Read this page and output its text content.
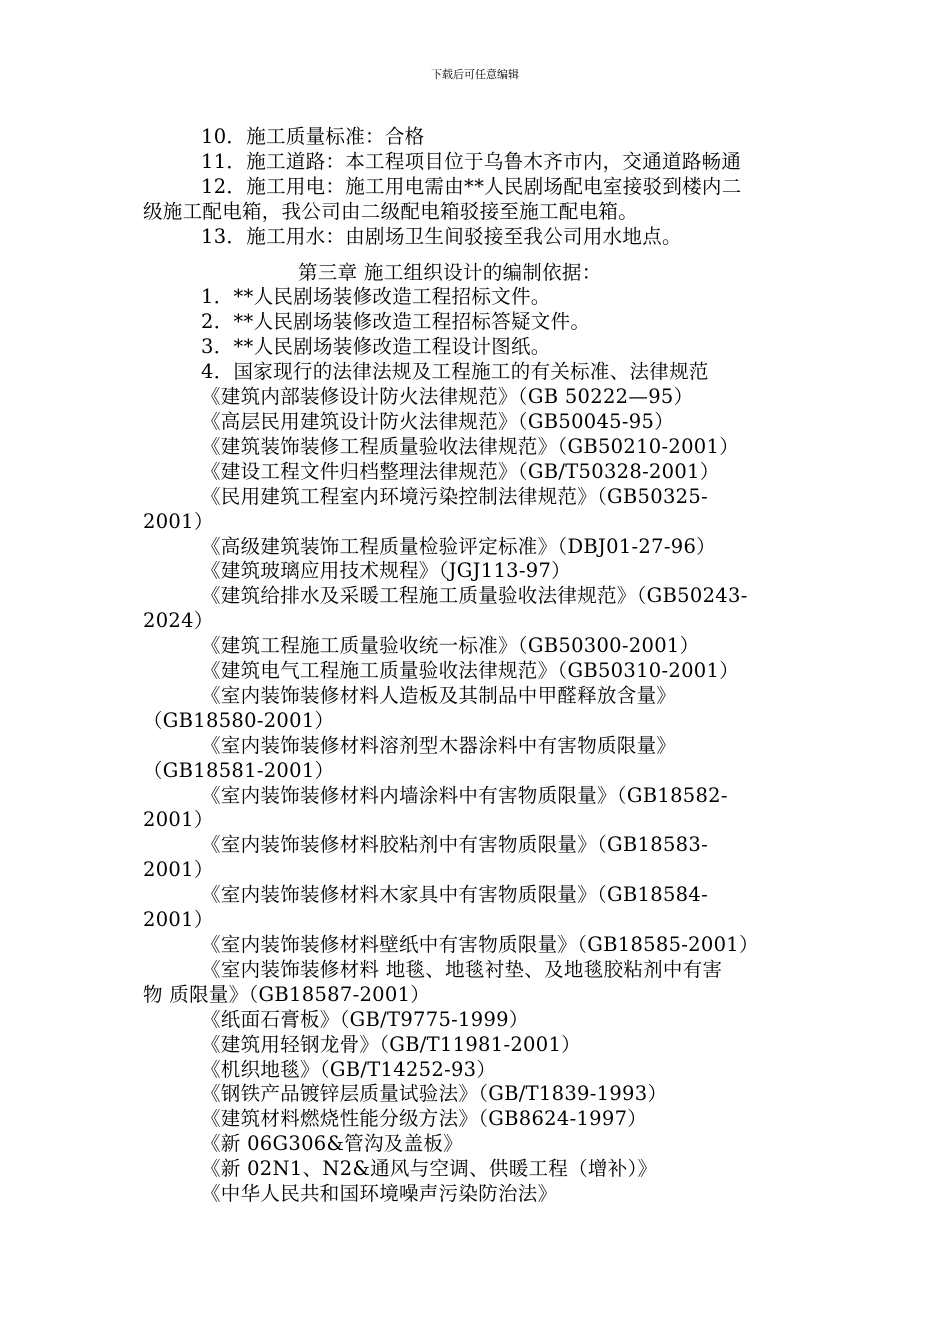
下载后可任意编辑
10．施工质量标准：合格
11．施工道路：本工程项目位于乌鲁木齐市内，交通道路畅通
12．施工用电：施工用电需由**人民剧场配电室接驳到楼内二
级施工配电箱，我公司由二级配电箱驳接至施工配电箱。
13．施工用水：由剧场卫生间驳接至我公司用水地点。
第三章 施工组织设计的编制依据：
1．**人民剧场装修改造工程招标文件。
2．**人民剧场装修改造工程招标答疑文件。
3．**人民剧场装修改造工程设计图纸。
4．国家现行的法律法规及工程施工的有关标准、法律规范
《建筑内部装修设计防火法律规范》（GB 50222—95）
《高层民用建筑设计防火法律规范》（GB50045-95）
《建筑装饰装修工程质量验收法律规范》（GB50210-2001）
《建设工程文件归档整理法律规范》（GB/T50328-2001）
《民用建筑工程室内环境污染控制法律规范》（GB50325-
2001）
《高级建筑装饰工程质量检验评定标准》（DBJ01-27-96）
《建筑玻璃应用技术规程》（JGJ113-97）
《建筑给排水及采暖工程施工质量验收法律规范》（GB50243-
2024）
《建筑工程施工质量验收统一标准》（GB50300-2001）
《建筑电气工程施工质量验收法律规范》（GB50310-2001）
《室内装饰装修材料人造板及其制品中甲醛释放含量》
（GB18580-2001）
《室内装饰装修材料溶剂型木器涂料中有害物质限量》
（GB18581-2001）
《室内装饰装修材料内墙涂料中有害物质限量》（GB18582-
2001）
《室内装饰装修材料胶粘剂中有害物质限量》（GB18583-
2001）
《室内装饰装修材料木家具中有害物质限量》（GB18584-
2001）
《室内装饰装修材料壁纸中有害物质限量》（GB18585-2001）
《室内装饰装修材料 地毯、地毯衬垫、及地毯胶粘剂中有害
物 质限量》（GB18587-2001）
《纸面石膏板》（GB/T9775-1999）
《建筑用轻钢龙骨》（GB/T11981-2001）
《机织地毯》（GB/T14252-93）
《钢铁产品镀锌层质量试验法》（GB/T1839-1993）
《建筑材料燃烧性能分级方法》（GB8624-1997）
《新 06G306&管沟及盖板》
《新 02N1、N2&通风与空调、供暖工程（增补）》
《中华人民共和国环境噪声污染防治法》
